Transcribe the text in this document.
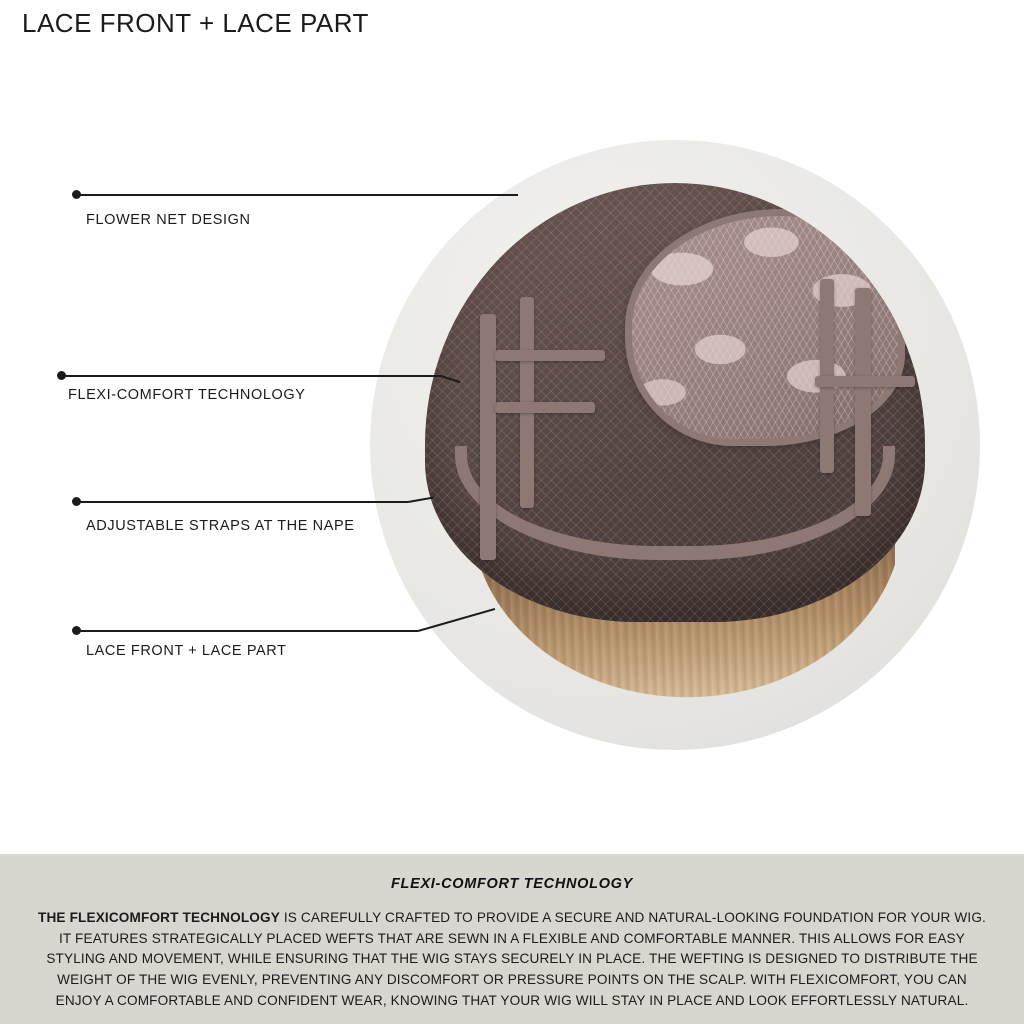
LACE FRONT + LACE PART
FLOWER NET DESIGN
FLEXI-COMFORT TECHNOLOGY
ADJUSTABLE STRAPS AT THE NAPE
LACE FRONT + LACE PART
FLEXI-COMFORT TECHNOLOGY
THE FLEXICOMFORT TECHNOLOGY IS CAREFULLY CRAFTED TO PROVIDE A SECURE AND NATURAL-LOOKING FOUNDATION FOR YOUR WIG. IT FEATURES STRATEGICALLY PLACED WEFTS THAT ARE SEWN IN A FLEXIBLE AND COMFORTABLE MANNER. THIS ALLOWS FOR EASY STYLING AND MOVEMENT, WHILE ENSURING THAT THE WIG STAYS SECURELY IN PLACE. THE WEFTING IS DESIGNED TO DISTRIBUTE THE WEIGHT OF THE WIG EVENLY, PREVENTING ANY DISCOMFORT OR PRESSURE POINTS ON THE SCALP. WITH FLEXICOMFORT, YOU CAN ENJOY A COMFORTABLE AND CONFIDENT WEAR, KNOWING THAT YOUR WIG WILL STAY IN PLACE AND LOOK EFFORTLESSLY NATURAL.
